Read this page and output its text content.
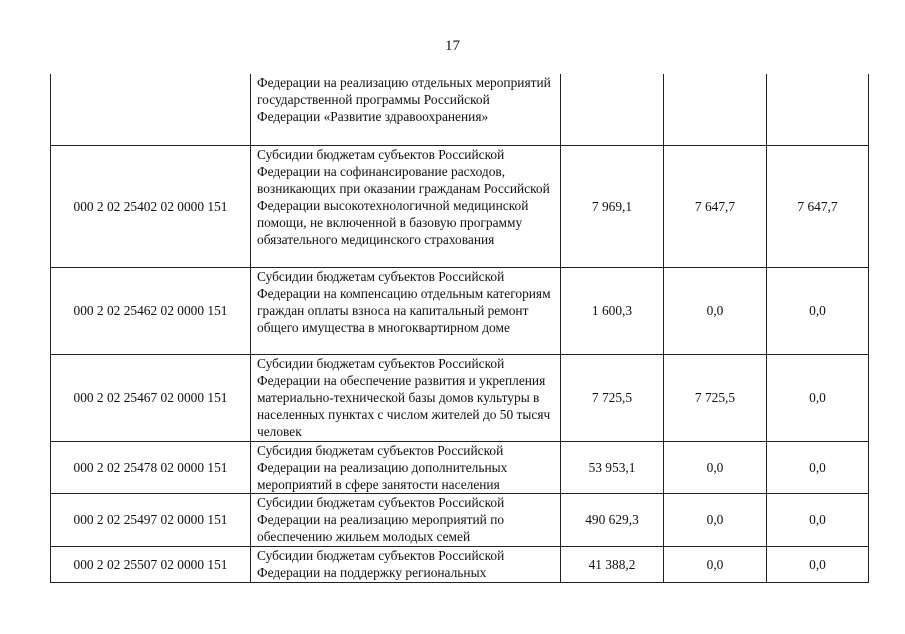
17
	Федерации на реализацию отдельных мероприятий государственной программы Российской Федерации «Развитие здравоохранения»			
000 2 02 25402 02 0000 151	Субсидии бюджетам субъектов Российской Федерации на софинансирование расходов, возникающих при оказании гражданам Российской Федерации высокотехнологичной медицинской помощи, не включенной в базовую программу обязательного медицинского страхования	7 969,1	7 647,7	7 647,7
000 2 02 25462 02 0000 151	Субсидии бюджетам субъектов Российской Федерации на компенсацию отдельным категориям граждан оплаты взноса на капитальный ремонт общего имущества в многоквартирном доме	1 600,3	0,0	0,0
000 2 02 25467 02 0000 151	Субсидии бюджетам субъектов Российской Федерации на обеспечение развития и укрепления материально-технической базы домов культуры в населенных пунктах с числом жителей до 50 тысяч человек	7 725,5	7 725,5	0,0
000 2 02 25478 02 0000 151	Субсидия бюджетам субъектов Российской Федерации на реализацию дополнительных мероприятий в сфере занятости населения	53 953,1	0,0	0,0
000 2 02 25497 02 0000 151	Субсидии бюджетам субъектов Российской Федерации на реализацию мероприятий по обеспечению жильем молодых семей	490 629,3	0,0	0,0
000 2 02 25507 02 0000 151	Субсидии бюджетам субъектов Российской Федерации на поддержку региональных	41 388,2	0,0	0,0
